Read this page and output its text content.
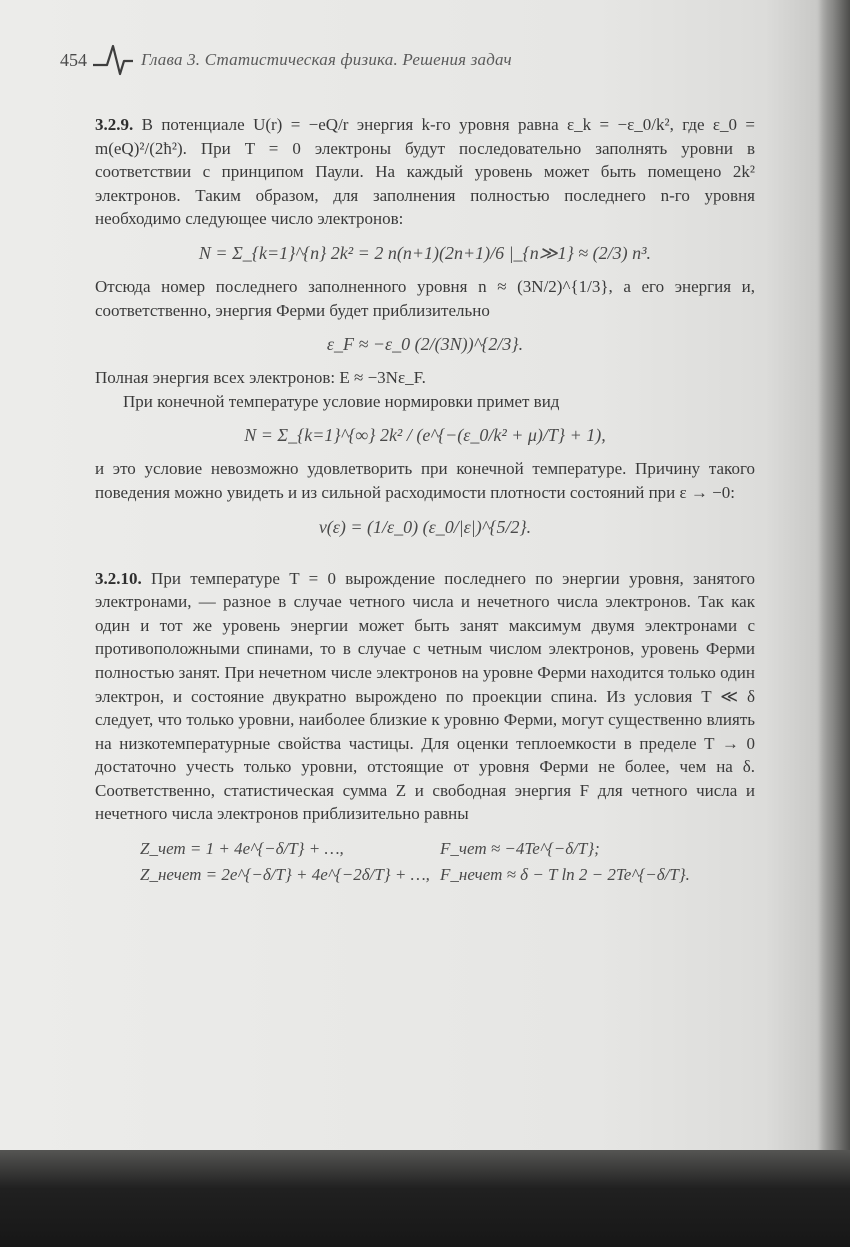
454	Глава 3. Статистическая физика. Решения задач

3.2.9. В потенциале U(r) = −eQ/r энергия k-го уровня равна ε_k = −ε_0/k², где ε_0 = m(eQ)²/(2ħ²). При T = 0 электроны будут последовательно заполнять уровни в соответствии с принципом Паули. На каждый уровень может быть помещено 2k² электронов. Таким образом, для заполнения полностью последнего n-го уровня необходимо следующее число электронов:

N = Σ_{k=1}^{n} 2k² = 2 n(n+1)(2n+1)/6 |_{n≫1} ≈ (2/3) n³.

Отсюда номер последнего заполненного уровня n ≈ (3N/2)^{1/3}, а его энергия и, соответственно, энергия Ферми будет приблизительно

ε_F ≈ −ε_0 (2/(3N))^{2/3}.

Полная энергия всех электронов: E ≈ −3Nε_F.

При конечной температуре условие нормировки примет вид

N = Σ_{k=1}^{∞} 2k² / (e^{−(ε_0/k² + μ)/T} + 1),

и это условие невозможно удовлетворить при конечной температуре. Причину такого поведения можно увидеть и из сильной расходимости плотности состояний при ε → −0:

ν(ε) = (1/ε_0) (ε_0/|ε|)^{5/2}.

3.2.10. При температуре T = 0 вырождение последнего по энергии уровня, занятого электронами, — разное в случае четного числа и нечетного числа электронов. Так как один и тот же уровень энергии может быть занят максимум двумя электронами с противоположными спинами, то в случае с четным числом электронов, уровень Ферми полностью занят. При нечетном числе электронов на уровне Ферми находится только один электрон, и состояние двукратно вырождено по проекции спина. Из условия T ≪ δ следует, что только уровни, наиболее близкие к уровню Ферми, могут существенно влиять на низкотемпературные свойства частицы. Для оценки теплоемкости в пределе T → 0 достаточно учесть только уровни, отстоящие от уровня Ферми не более, чем на δ. Соответственно, статистическая сумма Z и свободная энергия F для четного числа и нечетного числа электронов приблизительно равны

Z_чет = 1 + 4e^{−δ/T} + …,	F_чет ≈ −4Te^{−δ/T};
Z_нечет = 2e^{−δ/T} + 4e^{−2δ/T} + …, F_нечет ≈ δ − T ln 2 − 2Te^{−δ/T}.
